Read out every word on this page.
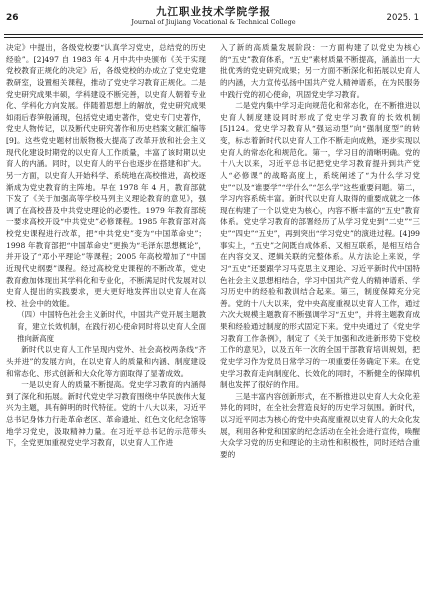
26	九江职业技术学院学报
Journal of Jiujiang Vocational & Technical College	2025. 1

决定》中提出，各级党校要“认真学习党史，总结党的历史经验”。[2]497 自 1983 年 4 月中共中央颁布《关于实现党校教育正规化的决定》后，各级党校的办成立了党史党建教研室，设置相关课程，推动了党史学习教育正规化。二是党史研究成果丰硕，学科建设不断完善，以史育人朝着专业化、学科化方向发展。伴随着思想上的解放，党史研究成果如雨后春笋般涌现，包括党史通史著作，党史专门史著作，党史人物传记，以及断代史研究著作和历史档案文献汇编等[9]。这些党史题材出版物极大提高了改革开放和社会主义现代化建设时期党的以史育人工作质量，丰富了该时期以史育人的内涵。同时，以史育人的平台也逐步在搭建和扩大。另一方面，以史育人开始科学、系统地在高校推进，高校逐渐成为党史教育的主阵地。早在 1978 年 4 月，教育部就下发了《关于加强高等学校马列主义理论教育的意见》，强调了在高校普及中共党史理论的必要性。1979 年教育部统一要求高校开设“中共党史”必修课程。1985 年教育部对高校党史课程进行改革，把“中共党史”变为“中国革命史”；1998 年教育部把“中国革命史”更换为“毛泽东思想概论”，并开设了“邓小平理论”等课程；2005 年高校增加了“中国近现代史纲要”课程。经过高校党史课程的不断改革，党史教育愈加体现出其学科化和专业化，不断满足时代发展对以史育人提出的实践要求，更大更好地发挥出以史育人在高校、社会中的效能。

（四）中国特色社会主义新时代，中国共产党开展主题教育，建立长效机制，在践行初心使命同时将以史育人全面推向新高度

新时代以史育人工作呈现内党外、社会高校两条线“齐头并进”的发展方向，在以史育人的质量和内涵、制度建设和常态化、形式创新和大众化等方面取得了显著成效。

一是以史育人的质量不断提高。党史学习教育的内涵得到了深化和拓展。新时代党史学习教育围绕中华民族伟大复兴为主题，具有鲜明的时代特征。党的十八大以来，习近平总书记身体力行赴革命老区、革命遗址、红色文化纪念馆等地学习党史，汲取精神力量。在习近平总书记的示范带头下，全党更加重视党史学习教育，以史育人工作进

入了新的高质量发展阶段：一方面构建了以党史为核心的“五史”教育体系，“五史”素材质量不断提高，涵盖出一大批优秀的党史研究成果；另一方面不断深化和拓展以史育人的内涵，大力宣传弘扬中国共产党人精神谱系，在为民服务中践行党的初心使命，巩固党史学习教育。

二是党内集中学习走向规范化和常态化，在不断推进以史育人制度建设同时形成了党史学习教育的长效机制[5]124。党史学习教育从“强运动型”向“强制度型”的转变，标志着新时代以史育人工作不断走向成熟，逐步实现以史育人的常态化和规范化。第一，学习目的清晰明确。党的十八大以来，习近平总书记把党史学习教育提升到共产党人“必修课”的战略高度上，系统阐述了“为什么学习党史”“以及“谁要学”“学什么”“怎么学”这些重要问题。第二，学习内容系统丰富。新时代以史育人取得的重要成就之一体现在构建了一个以党史为核心，内容不断丰富的“五史”教育体系。党史学习教育的部署经历了从学习党史到“二史”“三史”“四史”“五史”，再到突出“学习党史”的演进过程。[4]99事实上，“五史”之间既自成体系、又相互联系，是相互结合在内容交叉、逻辑关联的完整体系。从方法论上来说，学习“五史”还要跟学习马克思主义理论、习近平新时代中国特色社会主义思想相结合，学习中国共产党人的精神谱系、学习历史中的经验和教训结合起来。第三，制度保障充分完善。党的十八大以来，党中央高度重视以史育人工作，通过六次大规模主题教育不断强调学习“五史”，并将主题教育成果和经验通过制度的形式固定下来。党中央通过了《党史学习教育工作条例》，制定了《关于加强和改进新形势下党校工作的意见》，以及五年一次的全国干部教育培训规划，把党史学习作为党员日常学习的一项重要任务确定下来。在党史学习教育走向制度化、长效化的同时，不断健全的保障机制也发挥了很好的作用。

三是丰富内容创新形式，在不断推进以史育人大众化差异化的同时，在全社会营造良好的历史学习氛围。新时代，以习近平同志为核心的党中央高度重视以史育人的大众化发展，利用各种党和国家的纪念活动在全社会进行宣传，唤醒大众学习党的历史和理论的主动性和积极性，同时还结合重要的
